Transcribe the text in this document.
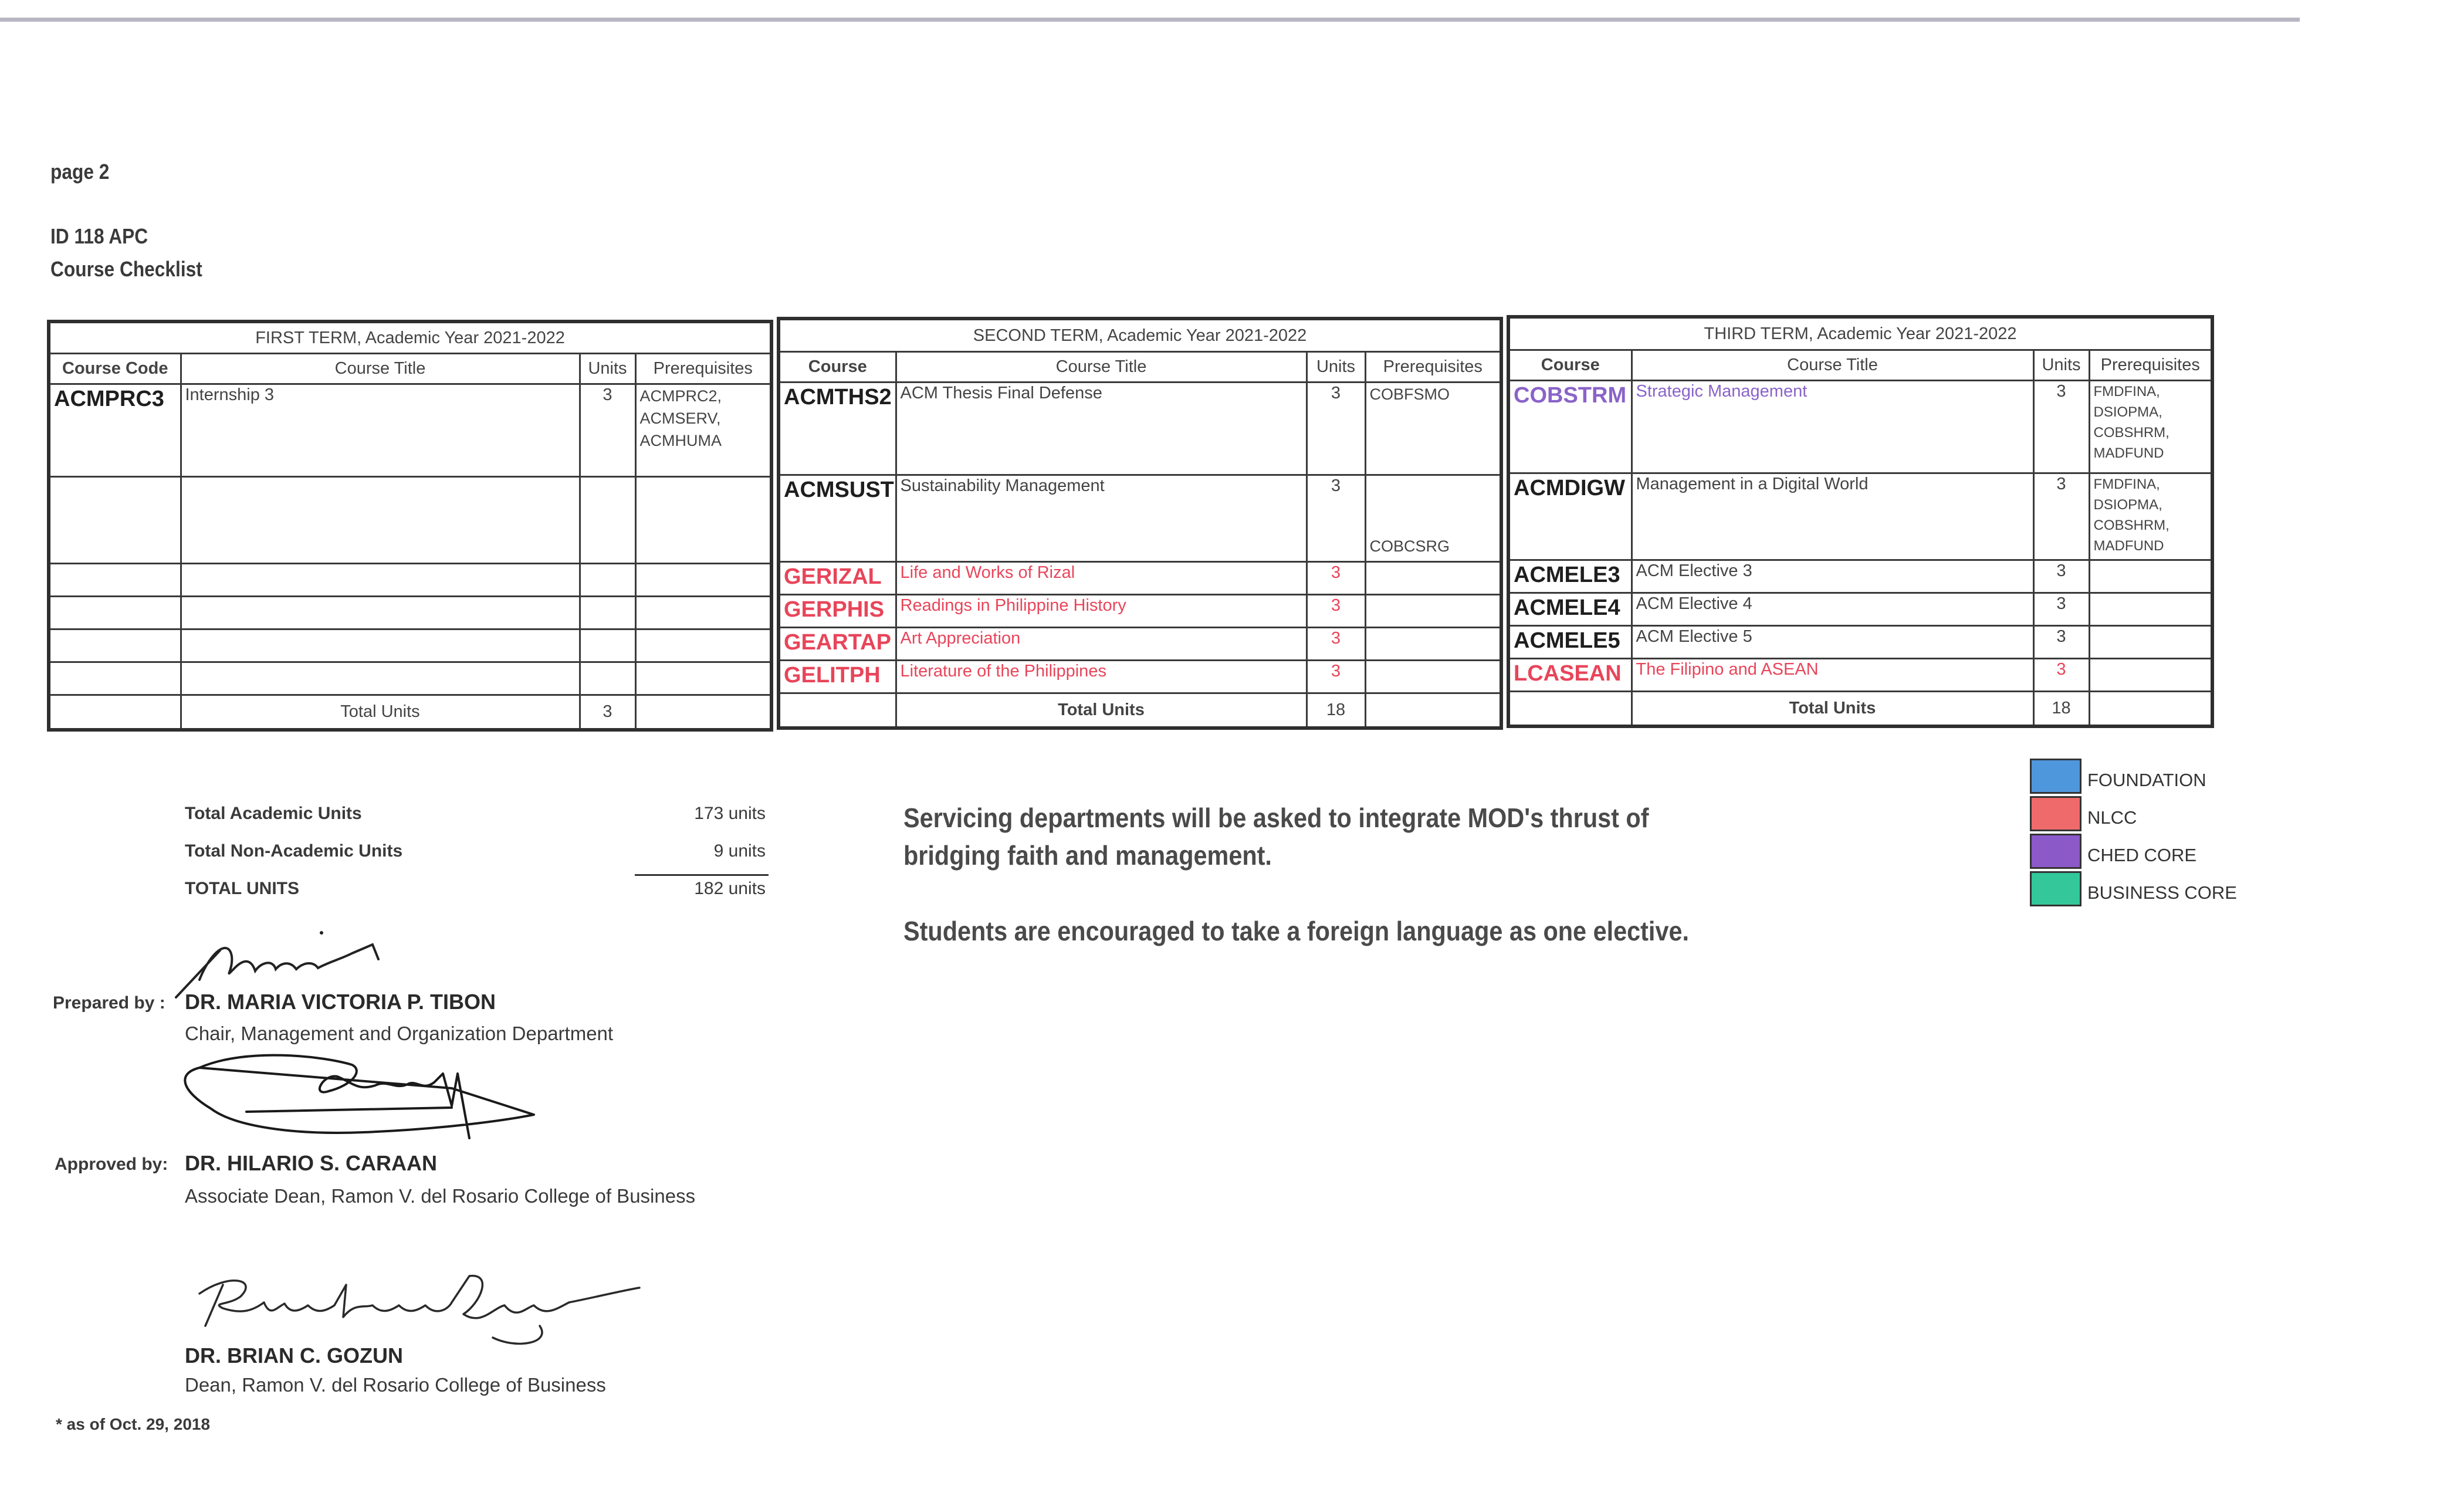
page 2
ID 118 APC
Course Checklist
FIRST TERM, Academic Year 2021-2022			
Course Code	Course Title	Units	Prerequisites
ACMPRC3	Internship 3	3	ACMPRC2, ACMSERV, ACMHUMA

	Total Units	3	
SECOND TERM, Academic Year 2021-2022			
Course	Course Title	Units	Prerequisites
ACMTHS2	ACM Thesis Final Defense	3	COBFSMO
ACMSUST	Sustainability Management	3	COBCSRG
GERIZAL	Life and Works of Rizal	3	
GERPHIS	Readings in Philippine History	3	
GEARTAP	Art Appreciation	3	
GELITPH	Literature of the Philippines	3	
	Total Units	18	
THIRD TERM, Academic Year 2021-2022			
Course	Course Title	Units	Prerequisites
COBSTRM	Strategic Management	3	FMDFINA, DSIOPMA, COBSHRM, MADFUND
ACMDIGW	Management in a Digital World	3	FMDFINA, DSIOPMA, COBSHRM, MADFUND
ACMELE3	ACM Elective 3	3	
ACMELE4	ACM Elective 4	3	
ACMELE5	ACM Elective 5	3	
LCASEAN	The Filipino and ASEAN	3	
	Total Units	18	
Total Academic Units	173 units
Total Non-Academic Units	9 units
TOTAL UNITS	182 units
Servicing departments will be asked to integrate MOD's thrust of bridging faith and management.
Students are encouraged to take a foreign language as one elective.
FOUNDATION
NLCC
CHED CORE
BUSINESS CORE
Prepared by : DR. MARIA VICTORIA P. TIBON
Chair, Management and Organization Department
Approved by: DR. HILARIO S. CARAAN
Associate Dean, Ramon V. del Rosario College of Business
DR. BRIAN C. GOZUN
Dean, Ramon V. del Rosario College of Business
* as of Oct. 29, 2018
